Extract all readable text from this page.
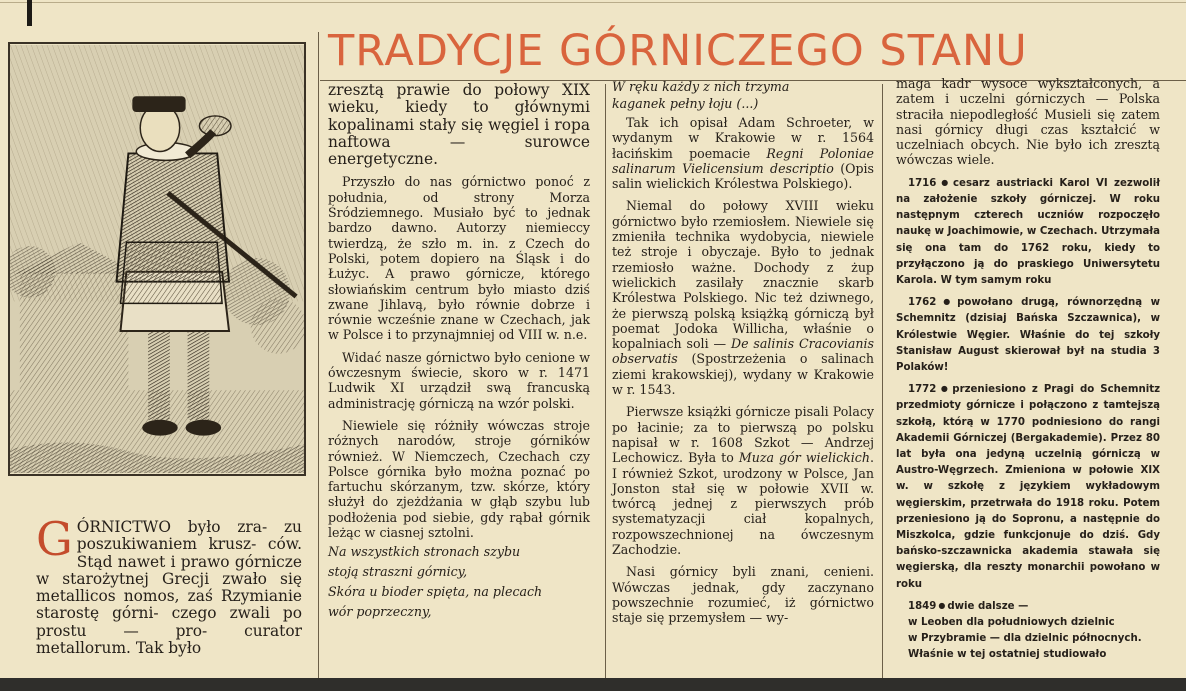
TRADYCJE GÓRNICZEGO STANU
G ÓRNICTWO było zra- zu poszukiwaniem krusz- ców. Stąd nawet i prawo górnicze w starożytnej Grecji zwało się metallicos nomos, zaś Rzymianie starostę górni- czego zwali po prostu — pro- curator metallorum. Tak było

zresztą prawie do połowy XIX wieku, kiedy to głównymi kopalinami stały się węgiel i ropa naftowa — surowce energetyczne.

Przyszło do nas górnictwo ponoć z południa, od strony Morza Śródziemnego. Musiało być to jednak bardzo dawno. Autorzy niemieccy twierdzą, że szło m. in. z Czech do Polski, potem dopiero na Śląsk i do Łużyc. A prawo górnicze, którego słowiańskim centrum było miasto dziś zwane Jihlavą, było równie dobrze i równie wcześnie znane w Czechach, jak w Polsce i to przynajmniej od VIII w. n.e.

Widać nasze górnictwo było cenione w ówczesnym świecie, skoro w r. 1471 Ludwik XI urządził swą francuską administrację górniczą na wzór polski.

Niewiele się różniły wówczas stroje różnych narodów, stroje górników również. W Niemczech, Czechach czy Polsce górnika było można poznać po fartuchu skórzanym, tzw. skórze, który służył do zjeżdżania w głąb szybu lub podłożenia pod siebie, gdy rąbał górnik leżąc w ciasnej sztolni.

Na wszystkich stronach szybu

stoją straszni górnicy,

Skóra u bioder spięta, na plecach

wór poprzeczny,

W ręku każdy z nich trzyma

kaganek pełny łoju (...)

Tak ich opisał Adam Schroeter, w wydanym w Krakowie w r. 1564 łacińskim poemacie Regni Poloniae salinarum Vielicensium descriptio (Opis salin wielickich Królestwa Polskiego).

Niemal do połowy XVIII wieku górnictwo było rzemiosłem. Niewiele się zmieniła technika wydobycia, niewiele też stroje i obyczaje. Było to jednak rzemiosło ważne. Dochody z żup wielickich zasilały znacznie skarb Królestwa Polskiego. Nic też dziwnego, że pierwszą polską książką górniczą był poemat Jodoka Willicha, właśnie o kopalniach soli — De salinis Cracovianis observatis (Spostrzeżenia o salinach ziemi krakowskiej), wydany w Krakowie w r. 1543.

Pierwsze książki górnicze pisali Polacy po łacinie; za to pierwszą po polsku napisał w r. 1608 Szkot — Andrzej Lechowicz. Była to Muza gór wielickich. I również Szkot, urodzony w Polsce, Jan Jonston stał się w połowie XVII w. twórcą jednej z pierwszych prób systematyzacji ciał kopalnych, rozpowszechnionej na ówczesnym Zachodzie.

Nasi górnicy byli znani, cenieni. Wówczas jednak, gdy zaczynano powszechnie rozumieć, iż górnictwo staje się przemysłem — wy-

maga kadr wysoce wykształconych, a zatem i uczelni górniczych — Polska straciła niepodległość Musieli się zatem nasi górnicy długi czas kształcić w uczelniach obcych. Nie było ich zresztą wówczas wiele.

1716 ● cesarz austriacki Karol VI zezwolił na założenie szkoły górniczej. W roku następnym czterech uczniów rozpoczęło naukę w Joachimowie, w Czechach. Utrzymała się ona tam do 1762 roku, kiedy to przyłączono ją do praskiego Uniwersytetu Karola. W tym samym roku

1762 ● powołano drugą, równorzędną w Schemnitz (dzisiaj Bańska Szczawnica), w Królestwie Węgier. Właśnie do tej szkoły Stanisław August skierował był na studia 3 Polaków!

1772 ● przeniesiono z Pragi do Schemnitz przedmioty górnicze i połączono z tamtejszą szkołą, którą w 1770 podniesiono do rangi Akademii Górniczej (Bergakademie). Przez 80 lat była ona jedyną uczelnią górniczą w Austro-Węgrzech. Zmieniona w połowie XIX w. w szkołę z językiem wykładowym węgierskim, przetrwała do 1918 roku. Potem przeniesiono ją do Sopronu, a następnie do Miszkolca, gdzie funkcjonuje do dziś. Gdy bańsko-szczawnicka akademia stawała się węgierską, dla reszty monarchii powołano w roku

1849 ● dwie dalsze —

w Leoben dla południowych dzielnic

w Przybramie — dla dzielnic północnych.

Właśnie w tej ostatniej studiowało
